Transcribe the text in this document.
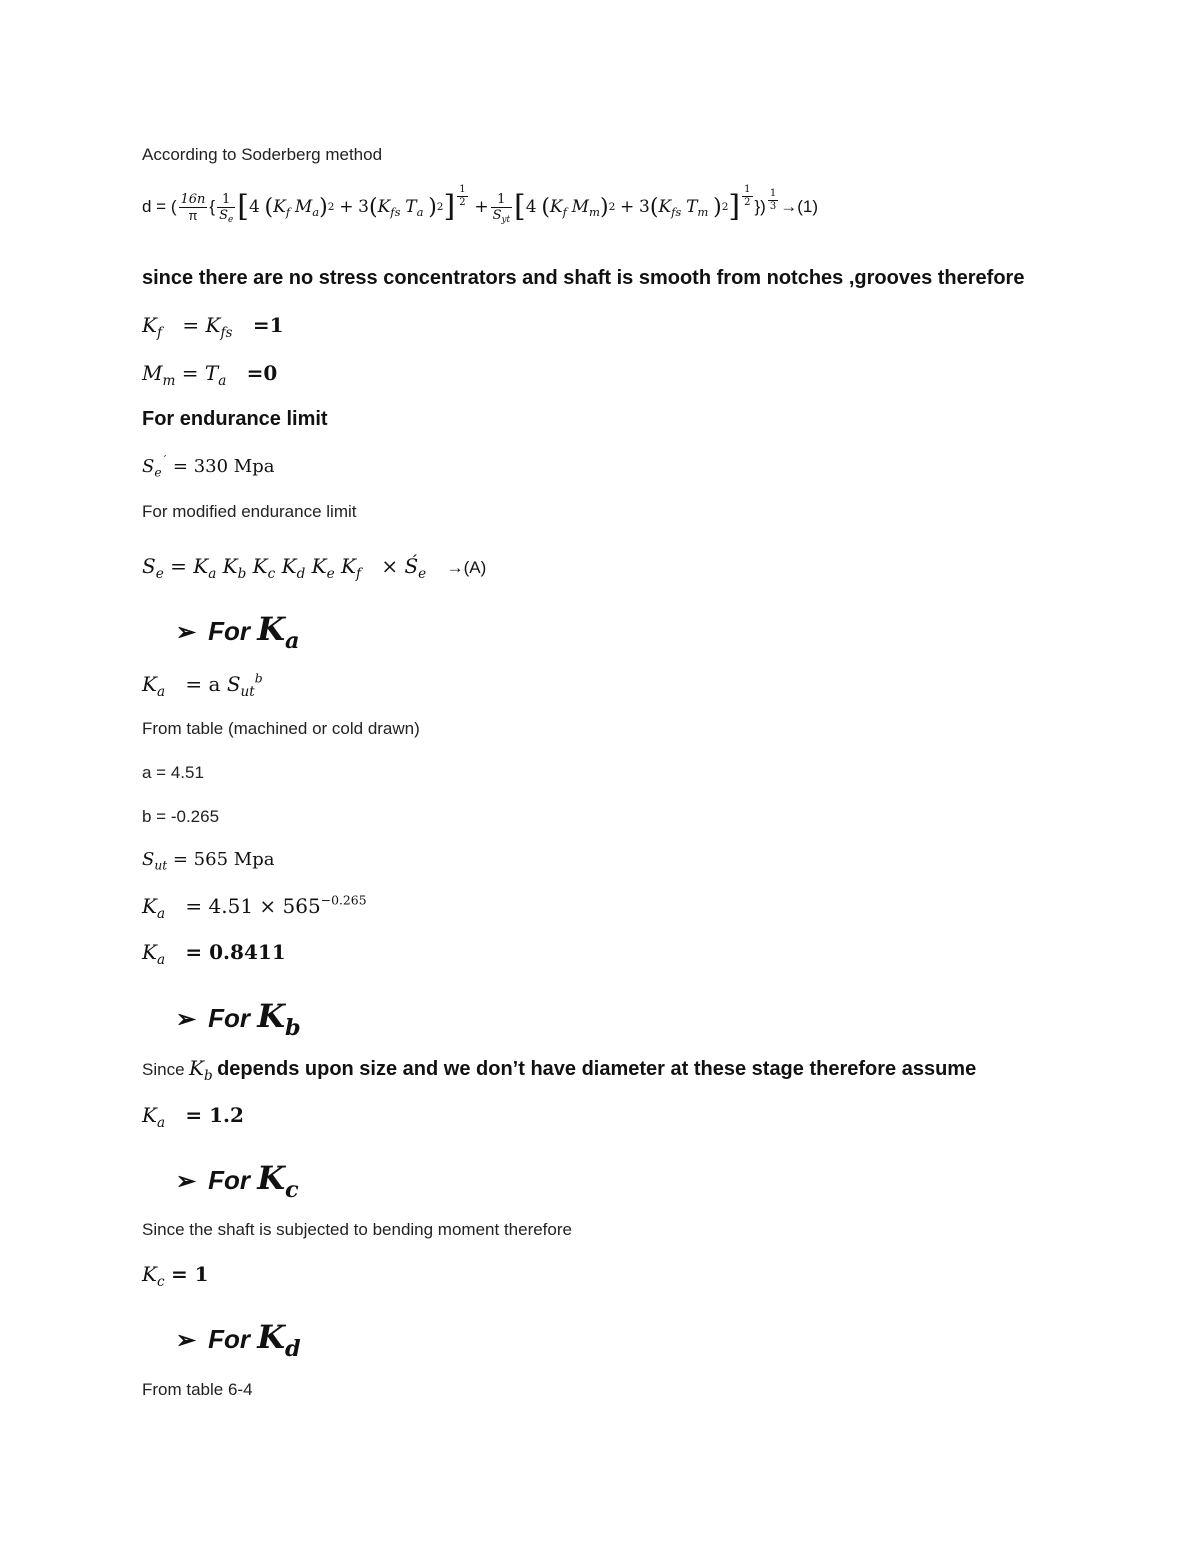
According to Soderberg method
d = ( $\frac{16n}{\pi}$ { $\frac{1}{S_e}$ [ 4
( $K_f$
$M_a$ ) 2
+
3 ( $K_{fs}$
$T_a$
) 2 ] $\frac{1}{2}$
+ $\frac{1}{S_{yt}}$ [ 4
( $K_f$
$M_m$ ) 2
+
3 ( $K_{fs}$
$T_m$
) 2 ] $\frac{1}{2}$ }) $\frac{1}{3} \to(1)$
since there are no stress concentrators and shaft is smooth from notches ,grooves therefore
$K_f = K_{fs} =1$
$M_m = T_a =0$
For endurance limit
$S_e^´ = 330$ Mpa
For modified endurance limit
$S_e = K_a$ $K_b$ $K_c$ $K_d$ $K_e$ $K_f$ × $Ś_e \to(A)$
➢ For $K_a$
$K_a = a$ $S_{ut}^b$
From table (machined or cold drawn)
a = 4.51
b = -0.265
$S_{ut} = 565$ Mpa
$K_a = 4.51 \times 565^{-0.265}$
$K_a = 0.8411$
➢ For $K_b$
Since $K_b$ depends upon size and we don’t have diameter at these stage therefore assume
$K_a = 1.2$
➢ For $K_c$
Since the shaft is subjected to bending moment therefore
$K_c = 1$
➢ For $K_d$
From table 6-4
